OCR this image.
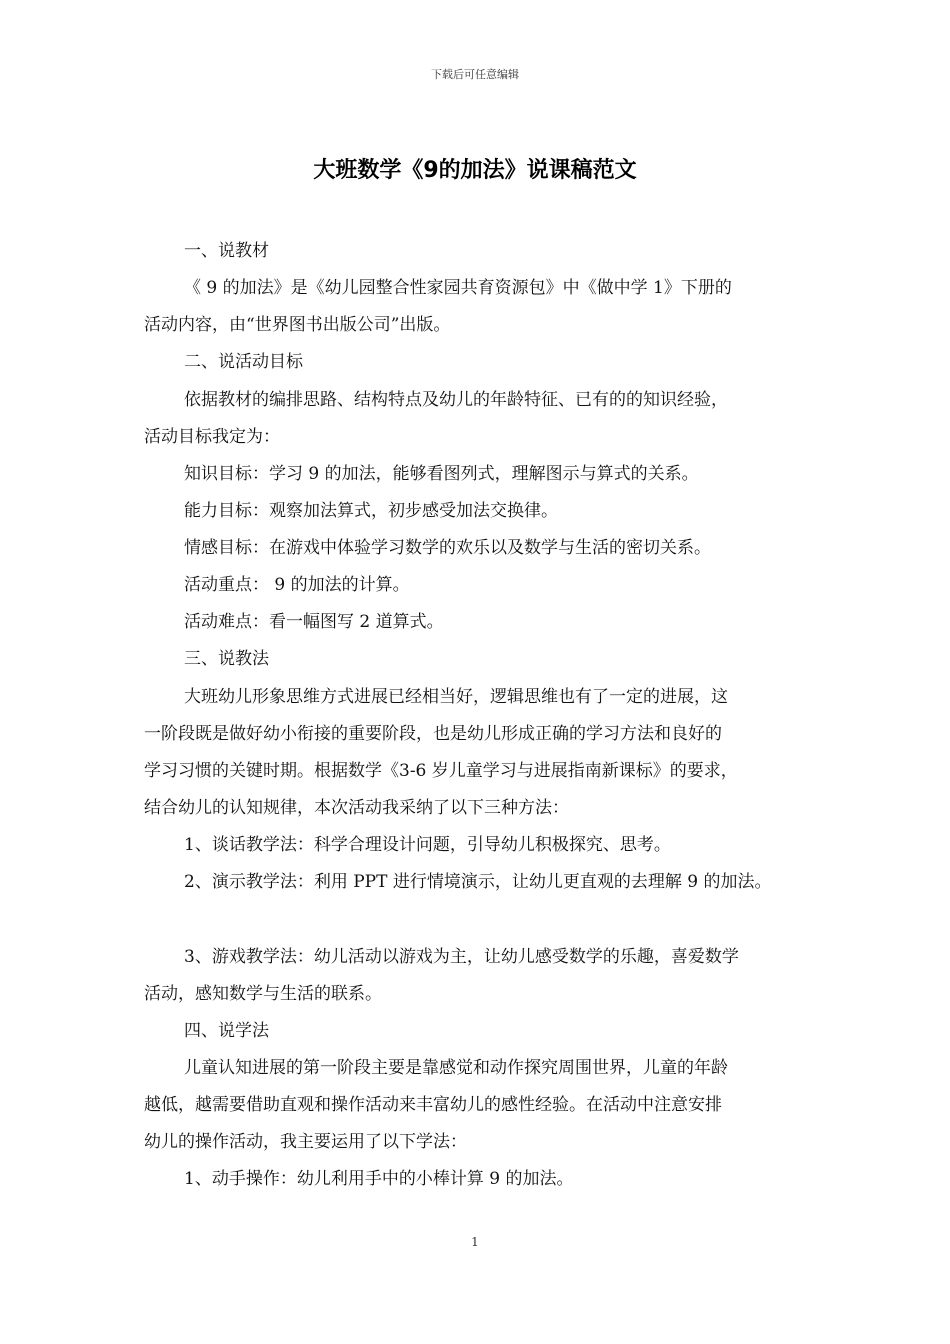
下载后可任意编辑
大班数学《9的加法》说课稿范文
一、说教材
《 9 的加法》是《幼儿园整合性家园共育资源包》中《做中学 1》下册的
活动内容，由“世界图书出版公司”出版。
二、说活动目标
依据教材的编排思路、结构特点及幼儿的年龄特征、已有的的知识经验，
活动目标我定为：
知识目标：学习 9 的加法，能够看图列式，理解图示与算式的关系。
能力目标：观察加法算式，初步感受加法交换律。
情感目标：在游戏中体验学习数学的欢乐以及数学与生活的密切关系。
活动重点： 9 的加法的计算。
活动难点：看一幅图写 2 道算式。
三、说教法
大班幼儿形象思维方式进展已经相当好，逻辑思维也有了一定的进展，这
一阶段既是做好幼小衔接的重要阶段，也是幼儿形成正确的学习方法和良好的
学习习惯的关键时期。根据数学《3-6 岁儿童学习与进展指南新课标》的要求，
结合幼儿的认知规律，本次活动我采纳了以下三种方法：
1、谈话教学法：科学合理设计问题，引导幼儿积极探究、思考。
2、演示教学法：利用 PPT 进行情境演示，让幼儿更直观的去理解 9 的加法。
3、游戏教学法：幼儿活动以游戏为主，让幼儿感受数学的乐趣，喜爱数学
活动，感知数学与生活的联系。
四、说学法
儿童认知进展的第一阶段主要是靠感觉和动作探究周围世界，儿童的年龄
越低，越需要借助直观和操作活动来丰富幼儿的感性经验。在活动中注意安排
幼儿的操作活动，我主要运用了以下学法：
1、动手操作：幼儿利用手中的小棒计算 9 的加法。
1
